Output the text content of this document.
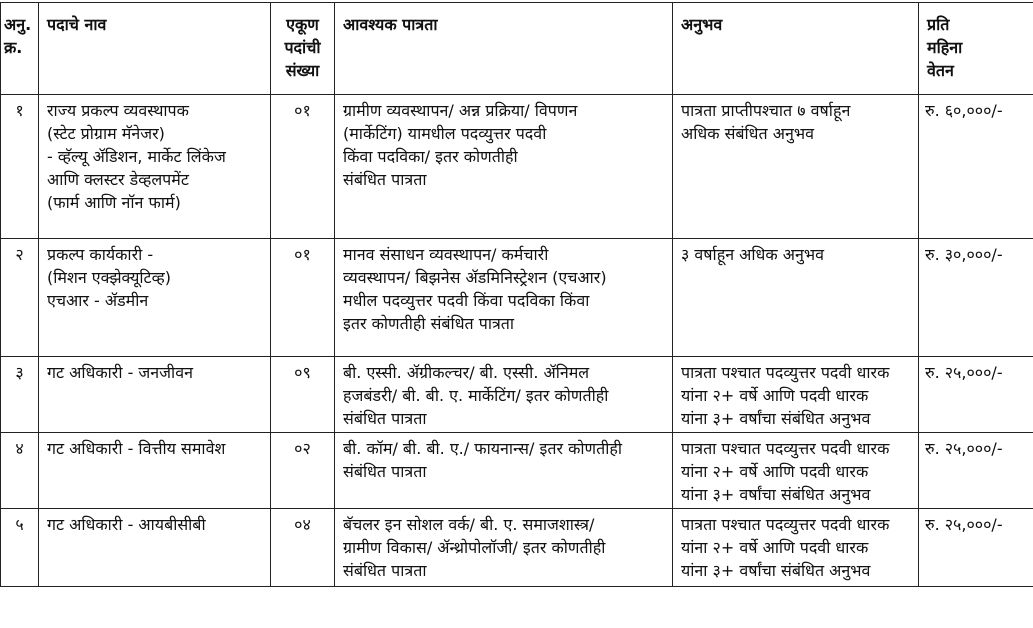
अनु.
क्र.	पदाचे नाव	एकूण
पदांची
संख्या	आवश्यक पात्रता	अनुभव	प्रति
महिना
वेतन

१	राज्य प्रकल्प व्यवस्थापक
(स्टेट प्रोग्राम मॅनेजर)
- व्हॅल्यू ॲडिशन, मार्केट लिंकेज
आणि क्लस्टर डेव्हलपमेंट
(फार्म आणि नॉन फार्म)	०१	ग्रामीण व्यवस्थापन/ अन्न प्रक्रिया/ विपणन
(मार्केटिंग) यामधील पदव्युत्तर पदवी
किंवा पदविका/ इतर कोणतीही
संबंधित पात्रता	पात्रता प्राप्तीपश्चात ७ वर्षाहून
अधिक संबंधित अनुभव	रु. ६०,०००/-

२	प्रकल्प कार्यकारी -
(मिशन एक्झेक्यूटिव्ह)
एचआर - ॲडमीन	०१	मानव संसाधन व्यवस्थापन/ कर्मचारी
व्यवस्थापन/ बिझनेस ॲडमिनिस्ट्रेशन (एचआर)
मधील पदव्युत्तर पदवी किंवा पदविका किंवा
इतर कोणतीही संबंधित पात्रता	३ वर्षाहून अधिक अनुभव	रु. ३०,०००/-

३	गट अधिकारी - जनजीवन	०९	बी. एस्सी. ॲग्रीकल्चर/ बी. एस्सी. ॲनिमल
हजबंडरी/ बी. बी. ए. मार्केटिंग/ इतर कोणतीही
संबंधित पात्रता	पात्रता पश्चात पदव्युत्तर पदवी धारक
यांना २+ वर्षे आणि पदवी धारक
यांना ३+ वर्षांचा संबंधित अनुभव	रु. २५,०००/-

४	गट अधिकारी - वित्तीय समावेश	०२	बी. कॉम/ बी. बी. ए./ फायनान्स/ इतर कोणतीही
संबंधित पात्रता	पात्रता पश्चात पदव्युत्तर पदवी धारक
यांना २+ वर्षे आणि पदवी धारक
यांना ३+ वर्षांचा संबंधित अनुभव	रु. २५,०००/-

५	गट अधिकारी - आयबीसीबी	०४	बॅचलर इन सोशल वर्क/ बी. ए. समाजशास्त्र/
ग्रामीण विकास/ ॲन्थ्रोपोलॉजी/ इतर कोणतीही
संबंधित पात्रता	पात्रता पश्चात पदव्युत्तर पदवी धारक
यांना २+ वर्षे आणि पदवी धारक
यांना ३+ वर्षांचा संबंधित अनुभव	रु. २५,०००/-
